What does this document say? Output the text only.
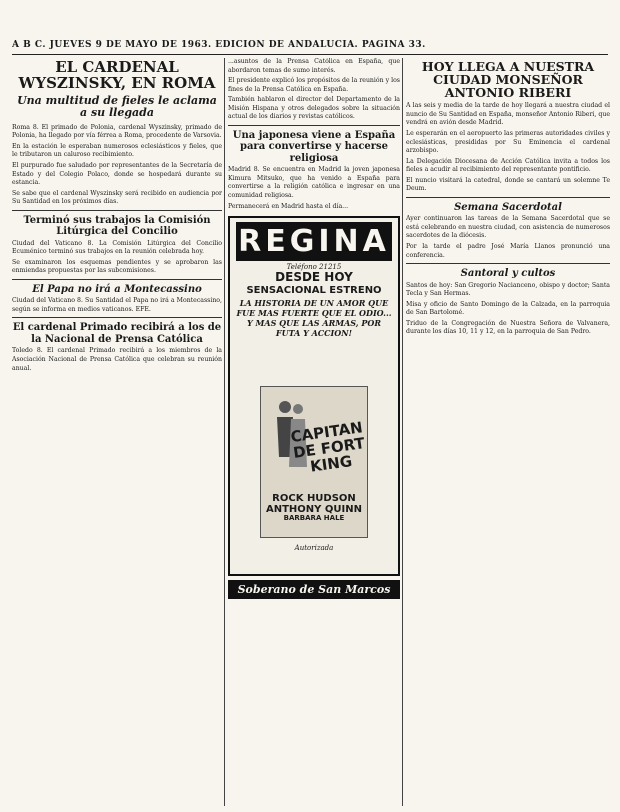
A B C. JUEVES 9 DE MAYO DE 1963. EDICION DE ANDALUCIA. PAGINA 33.
EL CARDENAL WYSZINSKY, EN ROMA
Una multitud de fieles le aclama a su llegada

Roma 8. El primado de Polonia, cardenal Wyszinsky, primado de Polonia, ha llegado por vía férrea a Roma, procedente de Varsovia.

En la estación le esperaban numerosos eclesiásticos y fieles, que le tributaron un caluroso recibimiento.

El purpurado fue saludado por representantes de la Secretaría de Estado y del Colegio Polaco, donde se hospedará durante su estancia.

Se sabe que el cardenal Wyszinsky será recibido en audiencia por Su Santidad en los próximos días.

Terminó sus trabajos la Comisión Litúrgica del Concilio

Ciudad del Vaticano 8. La Comisión Litúrgica del Concilio Ecuménico terminó sus trabajos en la reunión celebrada hoy.

Se examinaron los esquemas pendientes y se aprobaron las enmiendas propuestas por las subcomisiones.

El Papa no irá a Montecassino

Ciudad del Vaticano 8. Su Santidad el Papa no irá a Montecassino, según se informa en medios vaticanos. EFE.

El cardenal Primado recibirá a los de la Nacional de Prensa Católica

Toledo 8. El cardenal Primado recibirá a los miembros de la Asociación Nacional de Prensa Católica que celebran su reunión anual.

...asuntos de la Prensa Católica en España, que abordaron temas de sumo interés.

El presidente explicó los propósitos de la reunión y los fines de la Prensa Católica en España.

También hablaron el director del Departamento de la Misión Hispana y otros delegados sobre la situación actual de los diarios y revistas católicos.

Una japonesa viene a España para convertirse y hacerse religiosa

Madrid 8. Se encuentra en Madrid la joven japonesa Kimura Mitsuko, que ha venido a España para convertirse a la religión católica e ingresar en una comunidad religiosa.

Permanecerá en Madrid hasta el día...

REGINA
Teléfono 21215
DESDE HOY
SENSACIONAL ESTRENO
LA HISTORIA DE UN AMOR QUE FUE MAS FUERTE QUE EL ODIO... Y MAS QUE LAS ARMAS, POR FUTA Y ACCION!
CAPITAN DE FORT KING
ROCK HUDSON
ANTHONY QUINN
BARBARA HALE
Autorizada
Soberano de San Marcos
HOY LLEGA A NUESTRA CIUDAD MONSEÑOR ANTONIO RIBERI

A las seis y media de la tarde de hoy llegará a nuestra ciudad el nuncio de Su Santidad en España, monseñor Antonio Riberi, que vendrá en avión desde Madrid.

Le esperarán en el aeropuerto las primeras autoridades civiles y eclesiásticas, presididas por Su Eminencia el cardenal arzobispo.

La Delegación Diocesana de Acción Católica invita a todos los fieles a acudir al recibimiento del representante pontificio.

El nuncio visitará la catedral, donde se cantará un solemne Te Deum.

Semana Sacerdotal

Ayer continuaron las tareas de la Semana Sacerdotal que se está celebrando en nuestra ciudad, con asistencia de numerosos sacerdotes de la diócesis.

Por la tarde el padre José María Llanos pronunció una conferencia.

Santoral y cultos

Santos de hoy: San Gregorio Nacianceno, obispo y doctor; Santa Tecla y San Hermas.

Misa y oficio de Santo Domingo de la Calzada, en la parroquia de San Bartolomé.

Triduo de la Congregación de Nuestra Señora de Valvanera, durante los días 10, 11 y 12, en la parroquia de San Pedro.
